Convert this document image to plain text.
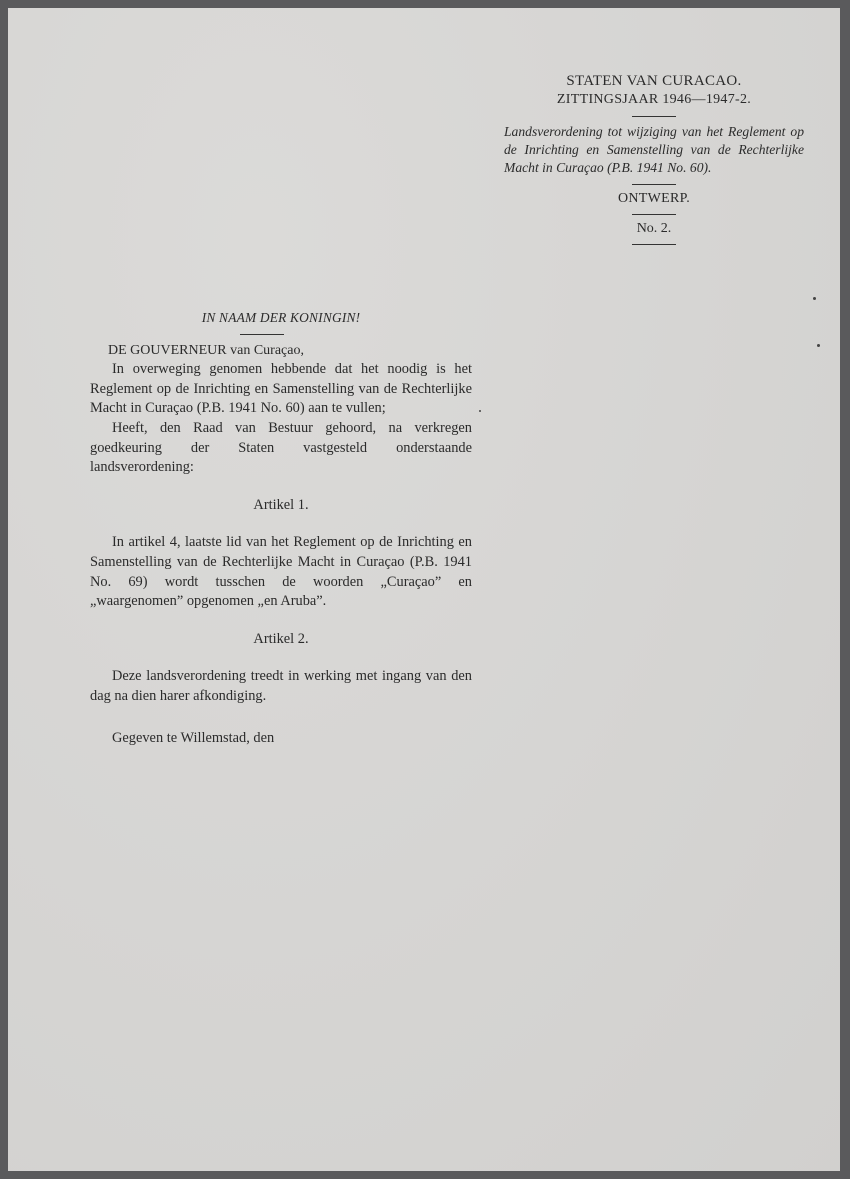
STATEN VAN CURACAO.
ZITTINGSJAAR 1946—1947-2.
Landsverordening tot wijziging van het Reglement op de Inrichting en Samenstelling van de Rechterlijke Macht in Curaçao (P.B. 1941 No. 60).
ONTWERP.
No. 2.
IN NAAM DER KONINGIN!
DE GOUVERNEUR van Curaçao,

In overweging genomen hebbende dat het noodig is het Reglement op de Inrichting en Samenstelling van de Rechterlijke Macht in Curaçao (P.B. 1941 No. 60) aan te vullen;

Heeft, den Raad van Bestuur gehoord, na verkregen goedkeuring der Staten vastgesteld onderstaande landsverordening:

Artikel 1.

In artikel 4, laatste lid van het Reglement op de Inrichting en Samenstelling van de Rechterlijke Macht in Curaçao (P.B. 1941 No. 69) wordt tusschen de woorden „Curaçao” en „waargenomen” opgenomen „en Aruba”.

Artikel 2.

Deze landsverordening treedt in werking met ingang van den dag na dien harer afkondiging.

Gegeven te Willemstad, den
